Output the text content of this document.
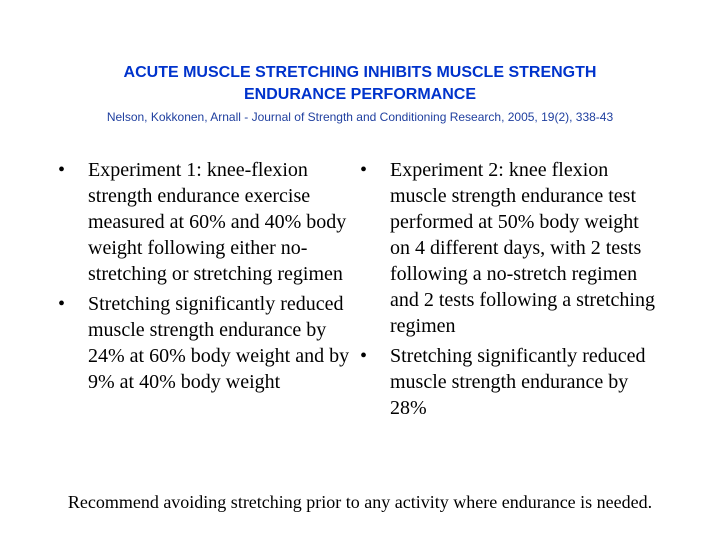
ACUTE MUSCLE STRETCHING INHIBITS MUSCLE STRENGTH
ENDURANCE PERFORMANCE
Nelson, Kokkonen, Arnall - Journal of Strength and Conditioning Research, 2005, 19(2), 338-43
• Experiment 1: knee-flexion strength endurance exercise measured at 60% and 40% body weight following either no-stretching or stretching regimen
• Stretching significantly reduced muscle strength endurance by 24% at 60% body weight and by 9% at 40% body weight
• Experiment 2: knee flexion muscle strength endurance test performed at 50% body weight on 4 different days, with 2 tests following a no-stretch regimen and 2 tests following a stretching regimen
• Stretching significantly reduced muscle strength endurance by 28%
Recommend avoiding stretching prior to any activity where endurance is needed.
